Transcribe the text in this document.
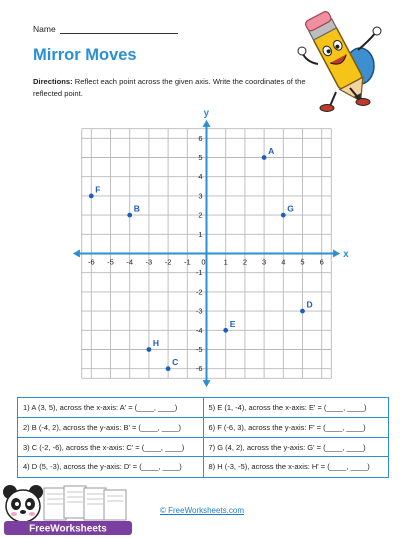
Name
Mirror Moves
Directions: Reflect each point across the given axis. Write the coordinates of the reflected point.
x
y
-6 -5 -4 -3 -2 -1 0 1 2 3 4 5 6
6
5
4
3
2
1
-1
-2
-3
-4
-5
-6
A
B
C
D
E
F
G
H
1) A (3, 5), across the x-axis: A' = (____, ____)
2) B (-4, 2), across the y-axis: B' = (____, ____)
3) C (-2, -6), across the x-axis: C' = (____, ____)
4) D (5, -3), across the y-axis: D' = (____, ____)
5) E (1, -4), across the x-axis: E' = (____, ____)
6) F (-6, 3), across the y-axis: F' = (____, ____)
7) G (4, 2), across the y-axis: G' = (____, ____)
8) H (-3, -5), across the x-axis: H' = (____, ____)
FreeWorksheets
© FreeWorksheets.com
